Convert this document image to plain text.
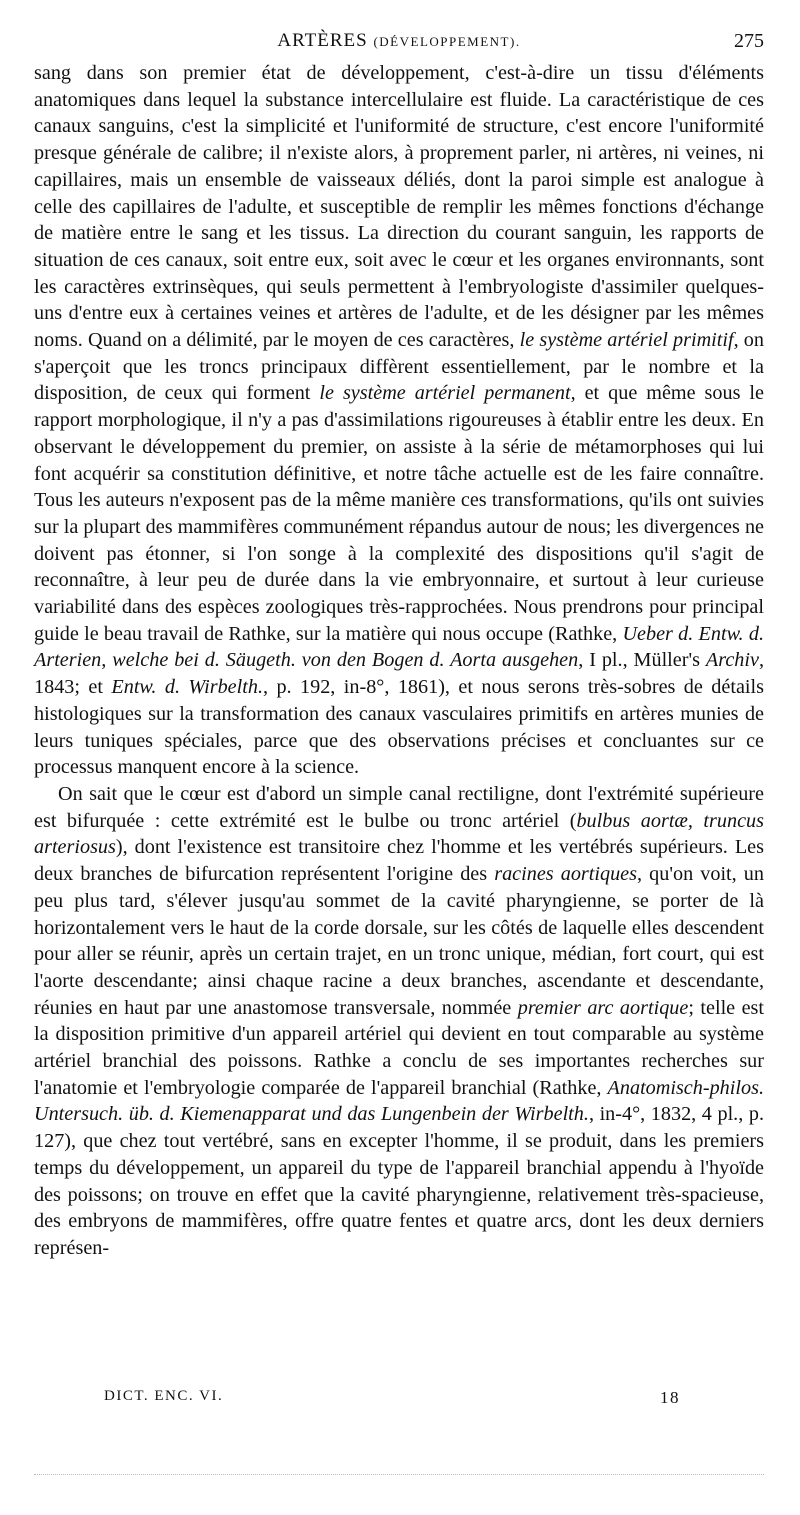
ARTÈRES (DÉVELOPPEMENT).	275

sang dans son premier état de développement, c'est-à-dire un tissu d'éléments anatomiques dans lequel la substance intercellulaire est fluide. La caractéristique de ces canaux sanguins, c'est la simplicité et l'uniformité de structure, c'est encore l'uniformité presque générale de calibre; il n'existe alors, à proprement parler, ni artères, ni veines, ni capillaires, mais un ensemble de vaisseaux déliés, dont la paroi simple est analogue à celle des capillaires de l'adulte, et susceptible de remplir les mêmes fonctions d'échange de matière entre le sang et les tissus. La direction du courant sanguin, les rapports de situation de ces canaux, soit entre eux, soit avec le cœur et les organes environnants, sont les caractères extrinsèques, qui seuls permettent à l'embryologiste d'assimiler quelques-uns d'entre eux à certaines veines et artères de l'adulte, et de les désigner par les mêmes noms. Quand on a délimité, par le moyen de ces caractères, le système artériel primitif, on s'aperçoit que les troncs principaux diffèrent essentiellement, par le nombre et la disposition, de ceux qui forment le système artériel permanent, et que même sous le rapport morphologique, il n'y a pas d'assimilations rigoureuses à établir entre les deux. En observant le développement du premier, on assiste à la série de métamorphoses qui lui font acquérir sa constitution définitive, et notre tâche actuelle est de les faire connaître. Tous les auteurs n'exposent pas de la même manière ces transformations, qu'ils ont suivies sur la plupart des mammifères communément répandus autour de nous; les divergences ne doivent pas étonner, si l'on songe à la complexité des dispositions qu'il s'agit de reconnaître, à leur peu de durée dans la vie embryonnaire, et surtout à leur curieuse variabilité dans des espèces zoologiques très-rapprochées. Nous prendrons pour principal guide le beau travail de Rathke, sur la matière qui nous occupe (Rathke, Ueber d. Entw. d. Arterien, welche bei d. Säugeth. von den Bogen d. Aorta ausgehen, I pl., Müller's Archiv, 1843; et Entw. d. Wirbelth., p. 192, in-8°, 1861), et nous serons très-sobres de détails histologiques sur la transformation des canaux vasculaires primitifs en artères munies de leurs tuniques spéciales, parce que des observations précises et concluantes sur ce processus manquent encore à la science.

On sait que le cœur est d'abord un simple canal rectiligne, dont l'extrémité supérieure est bifurquée : cette extrémité est le bulbe ou tronc artériel (bulbus aortæ, truncus arteriosus), dont l'existence est transitoire chez l'homme et les vertébrés supérieurs. Les deux branches de bifurcation représentent l'origine des racines aortiques, qu'on voit, un peu plus tard, s'élever jusqu'au sommet de la cavité pharyngienne, se porter de là horizontalement vers le haut de la corde dorsale, sur les côtés de laquelle elles descendent pour aller se réunir, après un certain trajet, en un tronc unique, médian, fort court, qui est l'aorte descendante; ainsi chaque racine a deux branches, ascendante et descendante, réunies en haut par une anastomose transversale, nommée premier arc aortique; telle est la disposition primitive d'un appareil artériel qui devient en tout comparable au système artériel branchial des poissons. Rathke a conclu de ses importantes recherches sur l'anatomie et l'embryologie comparée de l'appareil branchial (Rathke, Anatomisch-philos. Untersuch. üb. d. Kiemenapparat und das Lungenbein der Wirbelth., in-4°, 1832, 4 pl., p. 127), que chez tout vertébré, sans en excepter l'homme, il se produit, dans les premiers temps du développement, un appareil du type de l'appareil branchial appendu à l'hyoïde des poissons; on trouve en effet que la cavité pharyngienne, relativement très-spacieuse, des embryons de mammifères, offre quatre fentes et quatre arcs, dont les deux derniers représen-

DICT. ENC. VI.	18
